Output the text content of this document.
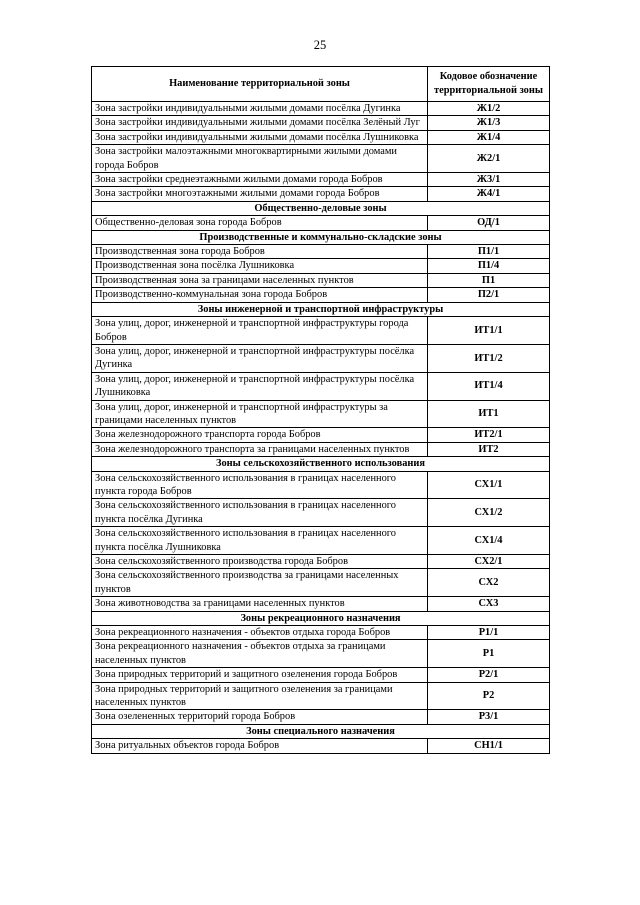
25
Наименование территориальной зоны	Кодовое обозначение территориальной зоны
Зона застройки индивидуальными жилыми домами посёлка Дугинка	Ж1/2
Зона застройки индивидуальными жилыми домами посёлка Зелёный Луг	Ж1/3
Зона застройки индивидуальными жилыми домами посёлка Лушниковка	Ж1/4
Зона застройки малоэтажными многоквартирными жилыми домами города Бобров	Ж2/1
Зона застройки среднеэтажными жилыми домами города Бобров	Ж3/1
Зона застройки многоэтажными жилыми домами города Бобров	Ж4/1
Общественно-деловые зоны	
Общественно-деловая зона города Бобров	ОД/1
Производственные и коммунально-складские зоны	
Производственная зона города Бобров	П1/1
Производственная зона посёлка Лушниковка	П1/4
Производственная зона за границами населенных пунктов	П1
Производственно-коммунальная зона города Бобров	П2/1
Зоны инженерной и транспортной инфраструктуры	
Зона улиц, дорог, инженерной и транспортной инфраструктуры города Бобров	ИТ1/1
Зона улиц, дорог, инженерной и транспортной инфраструктуры посёлка Дугинка	ИТ1/2
Зона улиц, дорог, инженерной и транспортной инфраструктуры посёлка Лушниковка	ИТ1/4
Зона улиц, дорог, инженерной и транспортной инфраструктуры за границами населенных пунктов	ИТ1
Зона железнодорожного транспорта города Бобров	ИТ2/1
Зона железнодорожного транспорта за границами населенных пунктов	ИТ2
Зоны сельскохозяйственного использования	
Зона сельскохозяйственного использования в границах населенного пункта города Бобров	СХ1/1
Зона сельскохозяйственного использования в границах населенного пункта посёлка Дугинка	СХ1/2
Зона сельскохозяйственного использования в границах населенного пункта посёлка Лушниковка	СХ1/4
Зона сельскохозяйственного производства города Бобров	СХ2/1
Зона сельскохозяйственного производства за границами населенных пунктов	СХ2
Зона животноводства за границами населенных пунктов	СХ3
Зоны рекреационного назначения	
Зона рекреационного назначения - объектов отдыха города Бобров	Р1/1
Зона рекреационного назначения - объектов отдыха за границами населенных пунктов	Р1
Зона природных территорий и защитного озеленения города Бобров	Р2/1
Зона природных территорий и защитного озеленения за границами населенных пунктов	Р2
Зона озелененных территорий города Бобров	Р3/1
Зоны специального назначения	
Зона ритуальных объектов города Бобров	СН1/1
